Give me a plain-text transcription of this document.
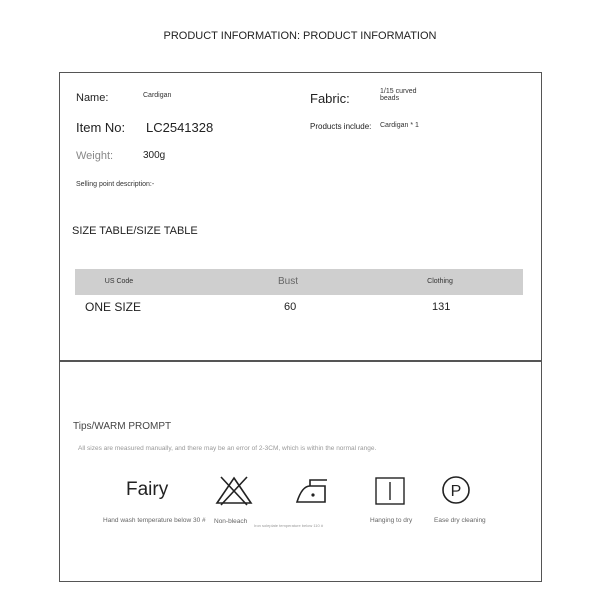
PRODUCT INFORMATION: PRODUCT INFORMATION
Name:	Cardigan	Fabric:	1/15 curved
beads
Item No: LC2541328	Products include: Cardigan * 1
Weight:	300g
Selling point description:-
SIZE TABLE/SIZE TABLE
US Code	Bust	Clothing
ONE SIZE	60	131
Tips/WARM PROMPT
All sizes are measured manually, and there may be an error of 2-3CM, which is within the normal range.
Fairy	P
Hand wash temperature below 30 # Non-bleach
Iron soleplate temperature below 110 #
Hanging to dry	Ease dry cleaning
